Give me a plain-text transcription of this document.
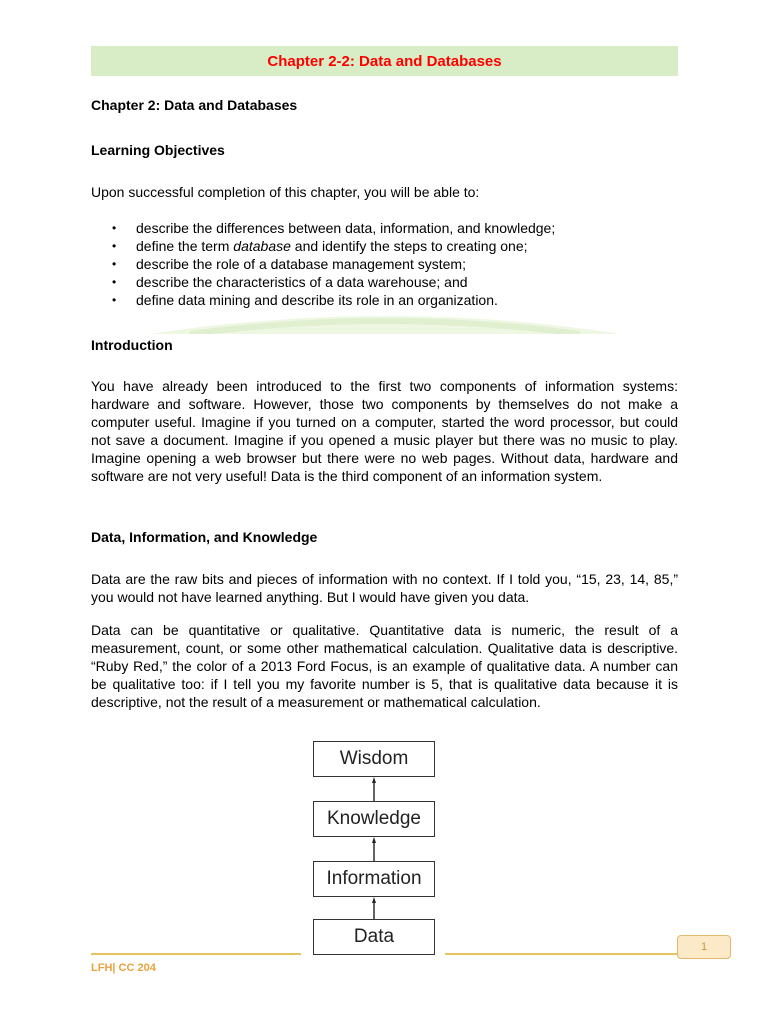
Chapter 2-2: Data and Databases
Chapter 2: Data and Databases
Learning Objectives
Upon successful completion of this chapter, you will be able to:
• describe the differences between data, information, and knowledge;
• define the term database and identify the steps to creating one;
• describe the role of a database management system;
• describe the characteristics of a data warehouse; and
• define data mining and describe its role in an organization.
Introduction
You have already been introduced to the first two components of information systems: hardware and software. However, those two components by themselves do not make a computer useful. Imagine if you turned on a computer, started the word processor, but could not save a document. Imagine if you opened a music player but there was no music to play. Imagine opening a web browser but there were no web pages. Without data, hardware and software are not very useful! Data is the third component of an information system.
Data, Information, and Knowledge
Data are the raw bits and pieces of information with no context. If I told you, “15, 23, 14, 85,” you would not have learned anything. But I would have given you data.
Data can be quantitative or qualitative. Quantitative data is numeric, the result of a measurement, count, or some other mathematical calculation. Qualitative data is descriptive. “Ruby Red,” the color of a 2013 Ford Focus, is an example of qualitative data. A number can be qualitative too: if I tell you my favorite number is 5, that is qualitative data because it is descriptive, not the result of a measurement or mathematical calculation.
Wisdom
Knowledge
Information
Data	1
LFH| CC 204
